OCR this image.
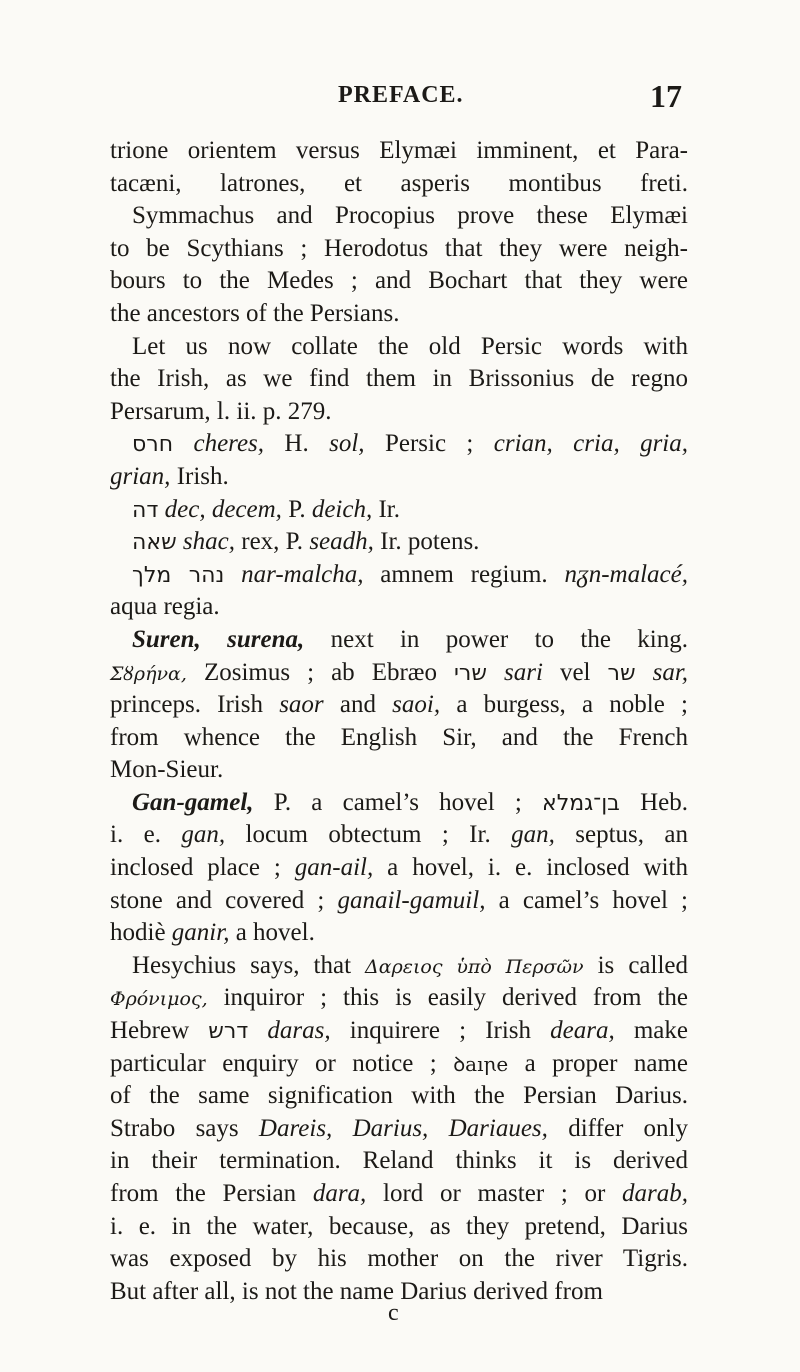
PREFACE.	17
trione orientem versus Elymæi imminent, et Para-
tacæni, latrones, et asperis montibus freti.
Symmachus and Procopius prove these Elymæi
to be Scythians ; Herodotus that they were neigh-
bours to the Medes ; and Bochart that they were
the ancestors of the Persians.
Let us now collate the old Persic words with
the Irish, as we find them in Brissonius de regno
Persarum, l. ii. p. 279.
חרס cheres, H. sol, Persic ; crian, cria, gria,
grian, Irish.
דה dec, decem, P. deich, Ir.
שאה shac, rex, P. seadh, Ir. potens.
נהר מלך nar-malcha, amnem regium. nᵹn-malacé,
aqua regia.
Suren, surena, next in power to the king.
Σȣρήνα, Zosimus ; ab Ebræo שרי sari vel שר sar,
princeps. Irish saor and saoi, a burgess, a noble ;
from whence the English Sir, and the French
Mon-Sieur.
Gan-gamel, P. a camel’s hovel ; בן־גמלא Heb.
i. e. gan, locum obtectum ; Ir. gan, septus, an
inclosed place ; gan-ail, a hovel, i. e. inclosed with
stone and covered ; ganail-gamuil, a camel’s hovel ;
hodiè ganir, a hovel.
Hesychius says, that Δαρειος ὑπὸ Περσῶν is called
Φρόνιμος, inquiror ; this is easily derived from the
Hebrew דרש daras, inquirere ; Irish deara, make
particular enquiry or notice ; ꝺaıꞃe a proper name
of the same signification with the Persian Darius.
Strabo says Dareis, Darius, Dariaues, differ only
in their termination. Reland thinks it is derived
from the Persian dara, lord or master ; or darab,
i. e. in the water, because, as they pretend, Darius
was exposed by his mother on the river Tigris.
But after all, is not the name Darius derived from
c
